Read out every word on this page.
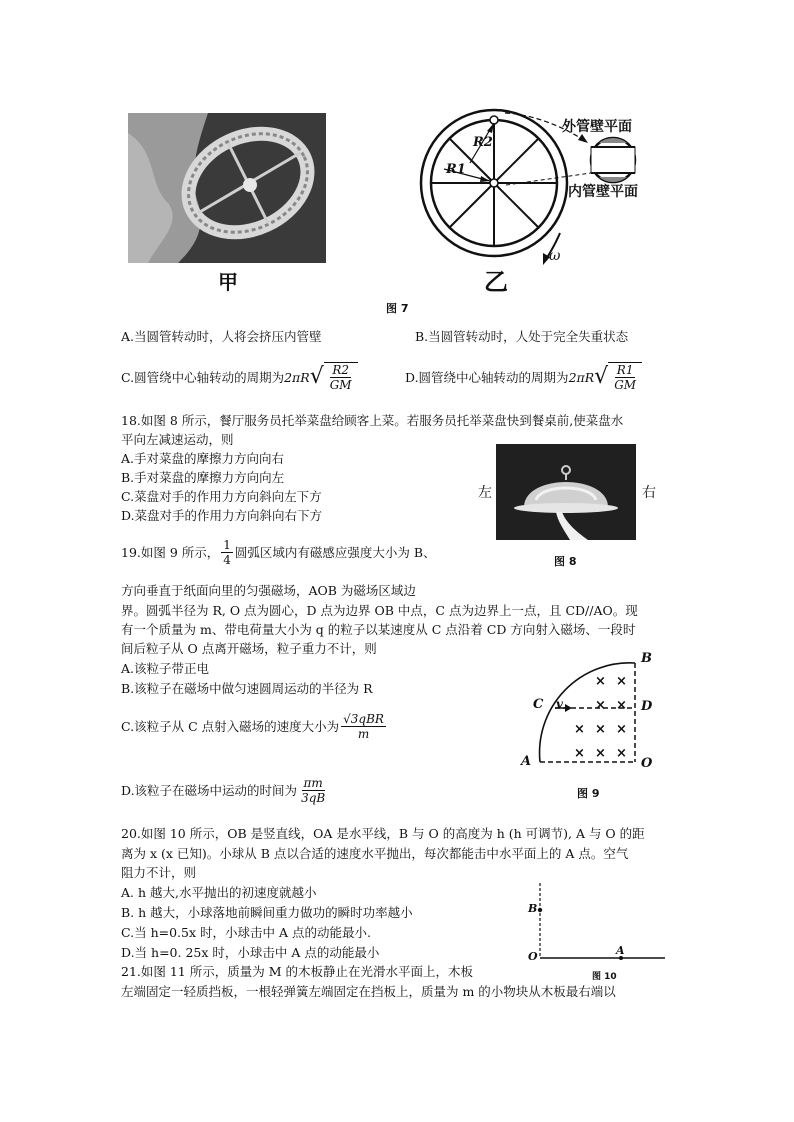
甲
R2
R1
外管壁平面
内管壁平面
ω
乙
图 7
A.当圆管转动时，人将会挤压内管壁	B.当圆管转动时，人处于完全失重状态
C.圆管绕中心轴转动的周期为 2πR √ $\frac{R2}{GM}$	D.圆管绕中心轴转动的周期为 2πR √ $\frac{R1}{GM}$
18.如图 8 所示，餐厅服务员托举菜盘给顾客上菜。若服务员托举菜盘快到餐桌前,使菜盘水
平向左减速运动，则
A.手对菜盘的摩擦力方向向右
B.手对菜盘的摩擦力方向向左
C.菜盘对手的作用力方向斜向左下方
D.菜盘对手的作用力方向斜向右下方
左	右
图 8
19.如图 9 所示， $\frac{1}{4}$ 圆弧区域内有磁感应强度大小为 B、
方向垂直于纸面向里的匀强磁场，AOB 为磁场区域边
界。圆弧半径为 R, O 点为圆心，D 点为边界 OB 中点，C 点为边界上一点，且 CD//AO。现
有一个质量为 m、带电荷量大小为 q 的粒子以某速度从 C 点沿着 CD 方向射入磁场、一段时
间后粒子从 O 点离开磁场，粒子重力不计，则
A.该粒子带正电
B.该粒子在磁场中做匀速圆周运动的半径为 R
C.该粒子从 C 点射入磁场的速度大小为 $\frac{\text{√3qBR}}{m}$
D.该粒子在磁场中运动的时间为 $\frac{\pi m}{3qB}$
× ×
× ×
× × ×
× × ×
B
C v	D
A	O
图 9
20.如图 10 所示，OB 是竖直线，OA 是水平线，B 与 O 的高度为 h (h 可调节), A 与 O 的距
离为 x (x 已知)。小球从 B 点以合适的速度水平抛出，每次都能击中水平面上的 A 点。空气
阻力不计，则
A. h 越大,水平抛出的初速度就越小
B. h 越大，小球落地前瞬间重力做功的瞬时功率越小
C.当 h=0.5x 时，小球击中 A 点的动能最小.
D.当 h=0. 25x 时，小球击中 A 点的动能最小
B
O	A
图 10
21.如图 11 所示，质量为 M 的木板静止在光滑水平面上，木板
左端固定一轻质挡板，一根轻弹簧左端固定在挡板上，质量为 m 的小物块从木板最右端以
